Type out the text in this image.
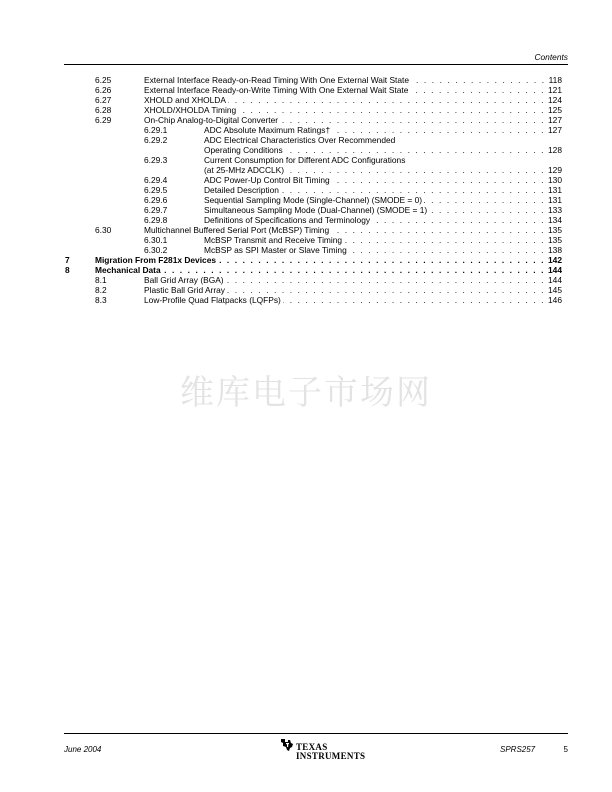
Contents
6.25	External Interface Ready-on-Read Timing With One External Wait State . . .	118
6.26	External Interface Ready-on-Write Timing With One External Wait State . . .	121
6.27	XHOLD and XHOLDA . . .	124
6.28	XHOLD/XHOLDA Timing . . .	125
6.29	On-Chip Analog-to-Digital Converter . . .	127
6.29.1	ADC Absolute Maximum Ratings† . . .	127
6.29.2	ADC Electrical Characteristics Over Recommended
Operating Conditions . . .	128
6.29.3	Current Consumption for Different ADC Configurations
(at 25-MHz ADCCLK) . . .	129
6.29.4	ADC Power-Up Control Bit Timing . . .	130
6.29.5	Detailed Description . . .	131
6.29.6	Sequential Sampling Mode (Single-Channel) (SMODE = 0) . . .	131
6.29.7	Simultaneous Sampling Mode (Dual-Channel) (SMODE = 1) . . .	133
6.29.8	Definitions of Specifications and Terminology . . .	134
6.30	Multichannel Buffered Serial Port (McBSP) Timing . . .	135
6.30.1	McBSP Transmit and Receive Timing . . .	135
6.30.2	McBSP as SPI Master or Slave Timing . . .	138
7	Migration From F281x Devices . . .	142
8	Mechanical Data . . .	144
8.1	Ball Grid Array (BGA) . . .	144
8.2	Plastic Ball Grid Array . . .	145
8.3	Low-Profile Quad Flatpacks (LQFPs) . . .	146
维库电子市场网
June 2004	TEXAS
INSTRUMENTS
SPRS257	5
